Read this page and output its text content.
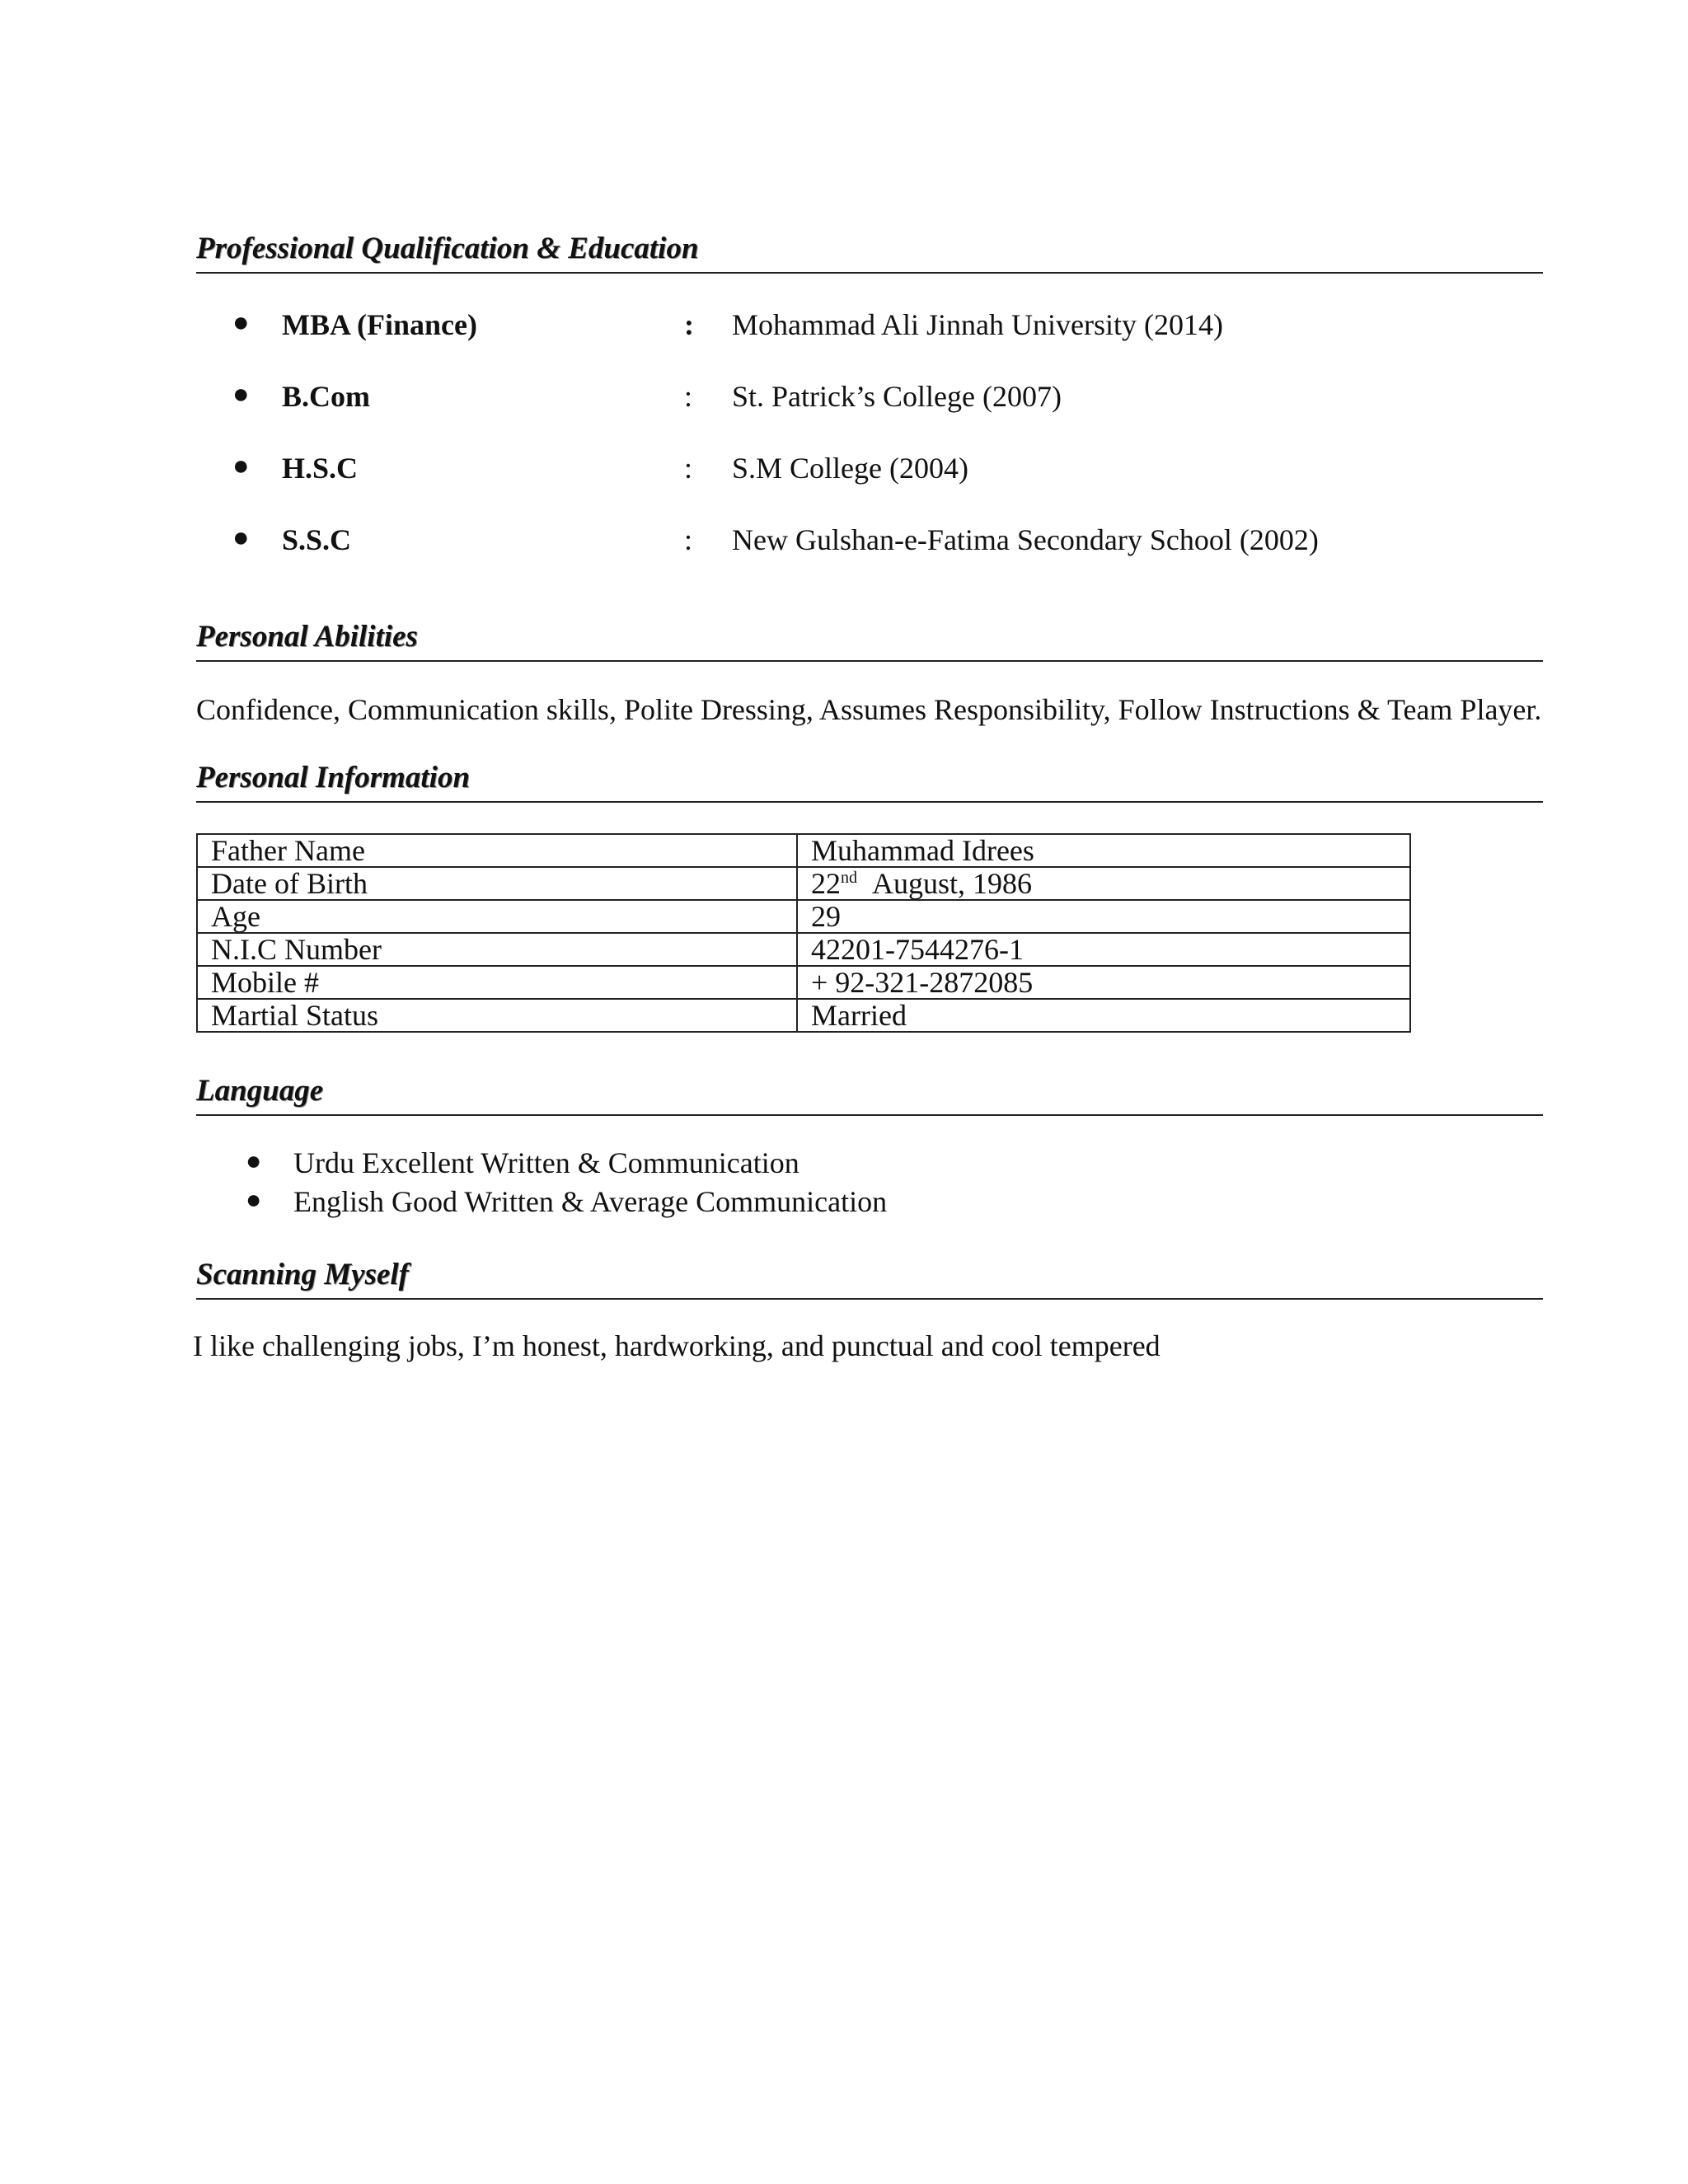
Professional Qualification & Education
● MBA (Finance)	: Mohammad Ali Jinnah University (2014)
● B.Com	: St. Patrick’s College (2007)
● H.S.C	: S.M College (2004)
● S.S.C	: New Gulshan-e-Fatima Secondary School (2002)
Personal Abilities
Confidence, Communication skills, Polite Dressing, Assumes Responsibility, Follow Instructions & Team Player.
Personal Information
Father Name	Muhammad Idrees
Date of Birth	22nd August, 1986
Age	29
N.I.C Number	42201-7544276-1
Mobile #	+ 92-321-2872085
Martial Status	Married
Language
● Urdu Excellent Written & Communication
● English Good Written & Average Communication
Scanning Myself
I like challenging jobs, I’m honest, hardworking, and punctual and cool tempered
